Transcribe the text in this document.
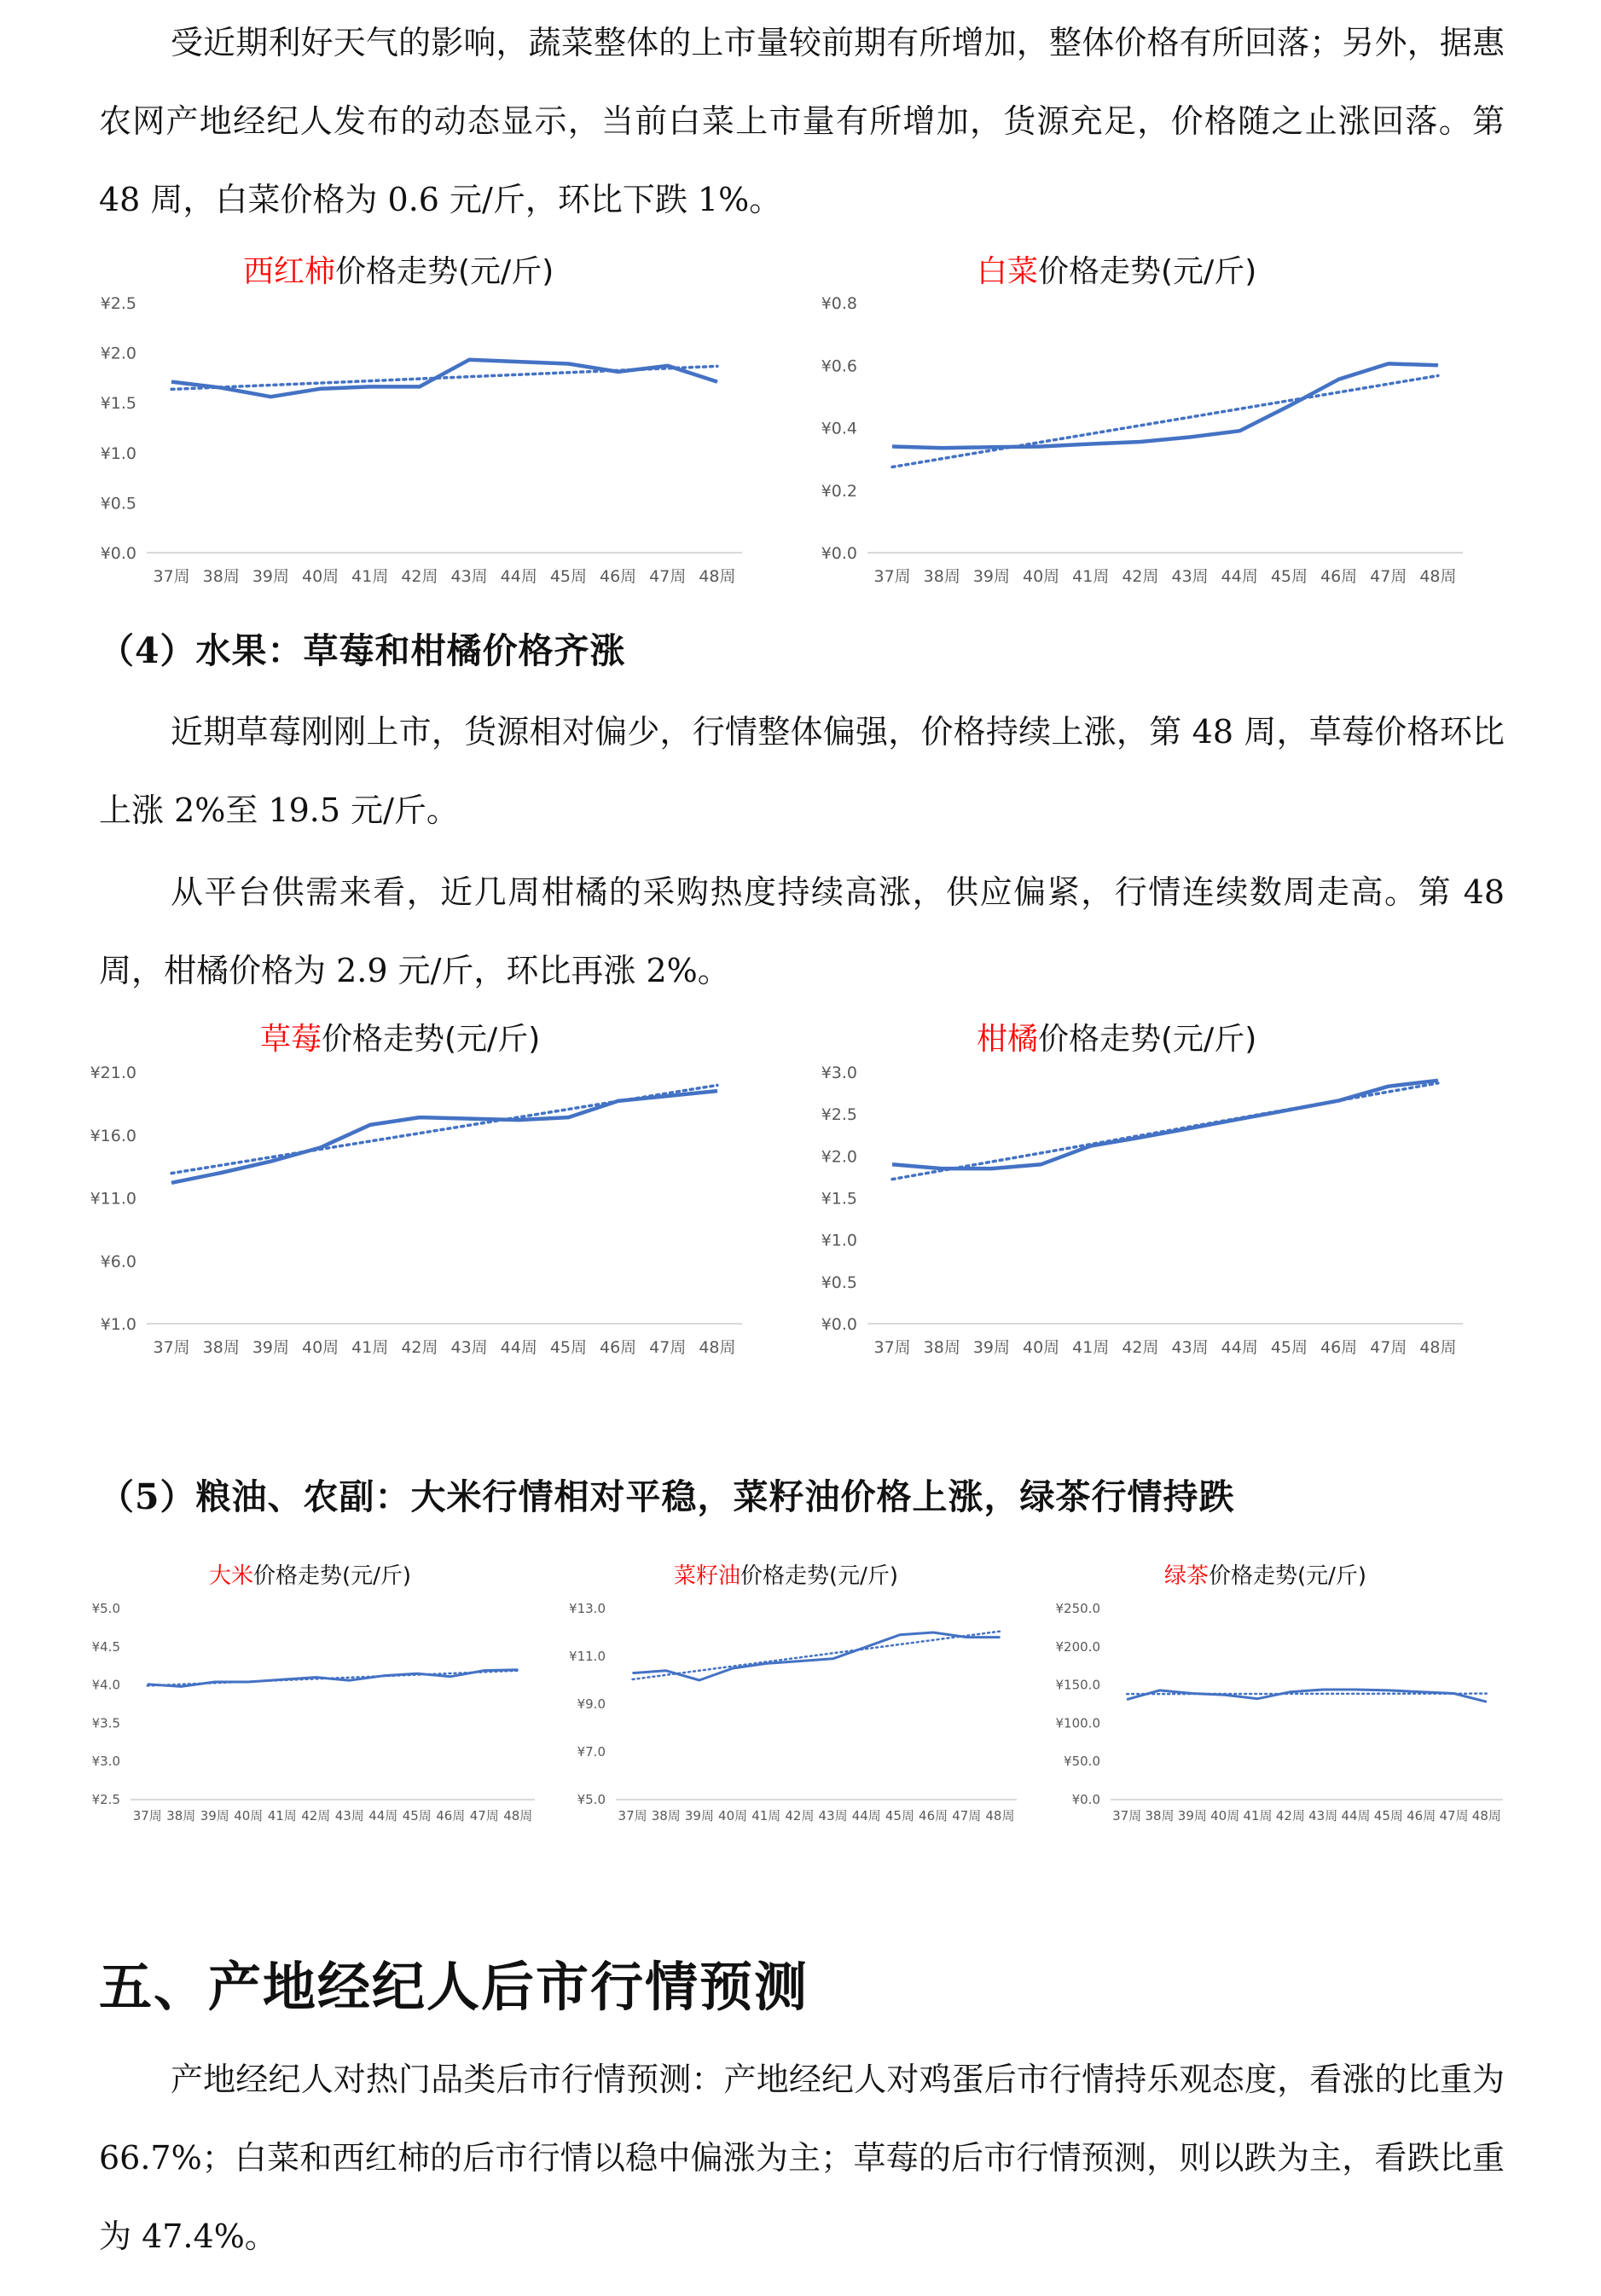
受近期利好天气的影响，蔬菜整体的上市量较前期有所增加，整体价格有所回落；另外，据惠农网产地经纪人发布的动态显示，当前白菜上市量有所增加，货源充足，价格随之止涨回落。第 48 周，白菜价格为 0.6 元/斤，环比下跌 1%。

西红柿价格走势(元/斤)
¥0.0
¥0.5
¥1.0
¥1.5
¥2.0
¥2.5
37周 38周 39周 40周 41周 42周 43周 44周 45周 46周 47周 48周
白菜价格走势(元/斤)
¥0.0
¥0.2
¥0.4
¥0.6
¥0.8
37周 38周 39周 40周 41周 42周 43周 44周 45周 46周 47周 48周
（4）水果：草莓和柑橘价格齐涨

近期草莓刚刚上市，货源相对偏少，行情整体偏强，价格持续上涨，第 48 周，草莓价格环比上涨 2%至 19.5 元/斤。

从平台供需来看，近几周柑橘的采购热度持续高涨，供应偏紧，行情连续数周走高。第 48 周，柑橘价格为 2.9 元/斤，环比再涨 2%。

草莓价格走势(元/斤)
¥1.0
¥6.0
¥11.0
¥16.0
¥21.0
37周 38周 39周 40周 41周 42周 43周 44周 45周 46周 47周 48周
柑橘价格走势(元/斤)
¥0.0
¥0.5
¥1.0
¥1.5
¥2.0
¥2.5
¥3.0
37周 38周 39周 40周 41周 42周 43周 44周 45周 46周 47周 48周
（5）粮油、农副：大米行情相对平稳，菜籽油价格上涨，绿茶行情持跌
大米价格走势(元/斤)
¥2.5
¥3.0
¥3.5
¥4.0
¥4.5
¥5.0
37周 38周 39周 40周 41周 42周 43周 44周 45周 46周 47周 48周
菜籽油价格走势(元/斤)
¥5.0
¥7.0
¥9.0
¥11.0
¥13.0
37周 38周 39周 40周 41周 42周 43周 44周 45周 46周 47周 48周
绿茶价格走势(元/斤)
¥0.0
¥50.0
¥100.0
¥150.0
¥200.0
¥250.0
37周 38周 39周 40周 41周 42周 43周 44周 45周 46周 47周 48周
五、产地经纪人后市行情预测

产地经纪人对热门品类后市行情预测：产地经纪人对鸡蛋后市行情持乐观态度，看涨的比重为 66.7%；白菜和西红柿的后市行情以稳中偏涨为主；草莓的后市行情预测，则以跌为主，看跌比重为 47.4%。
